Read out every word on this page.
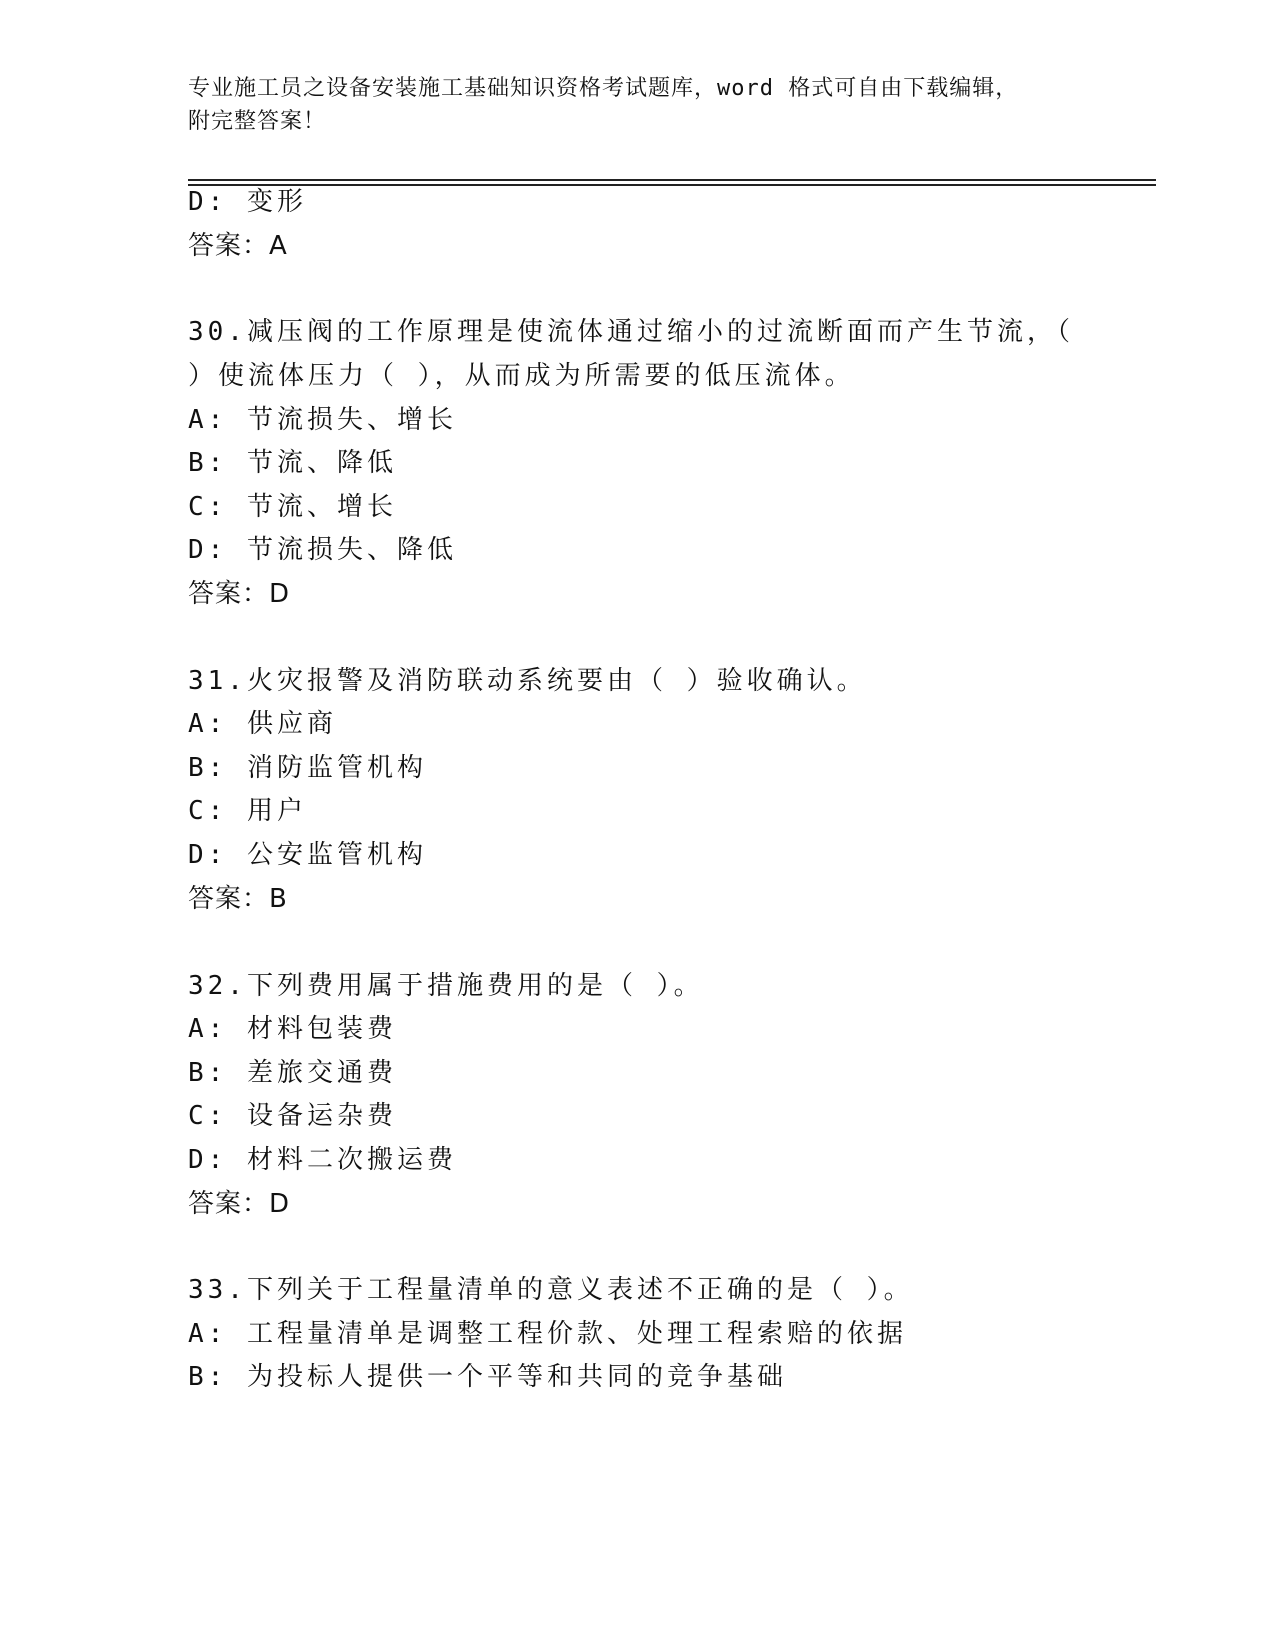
专业施工员之设备安装施工基础知识资格考试题库，word 格式可自由下载编辑，
附完整答案！
D: 变形
答案：A
30.减压阀的工作原理是使流体通过缩小的过流断面而产生节流，（
）使流体压力（ ），从而成为所需要的低压流体。
A: 节流损失、增长
B: 节流、降低
C: 节流、增长
D: 节流损失、降低
答案：D
31.火灾报警及消防联动系统要由（ ）验收确认。
A: 供应商
B: 消防监管机构
C: 用户
D: 公安监管机构
答案：B
32.下列费用属于措施费用的是（ ）。
A: 材料包装费
B: 差旅交通费
C: 设备运杂费
D: 材料二次搬运费
答案：D
33.下列关于工程量清单的意义表述不正确的是（ ）。
A: 工程量清单是调整工程价款、处理工程索赔的依据
B: 为投标人提供一个平等和共同的竞争基础
